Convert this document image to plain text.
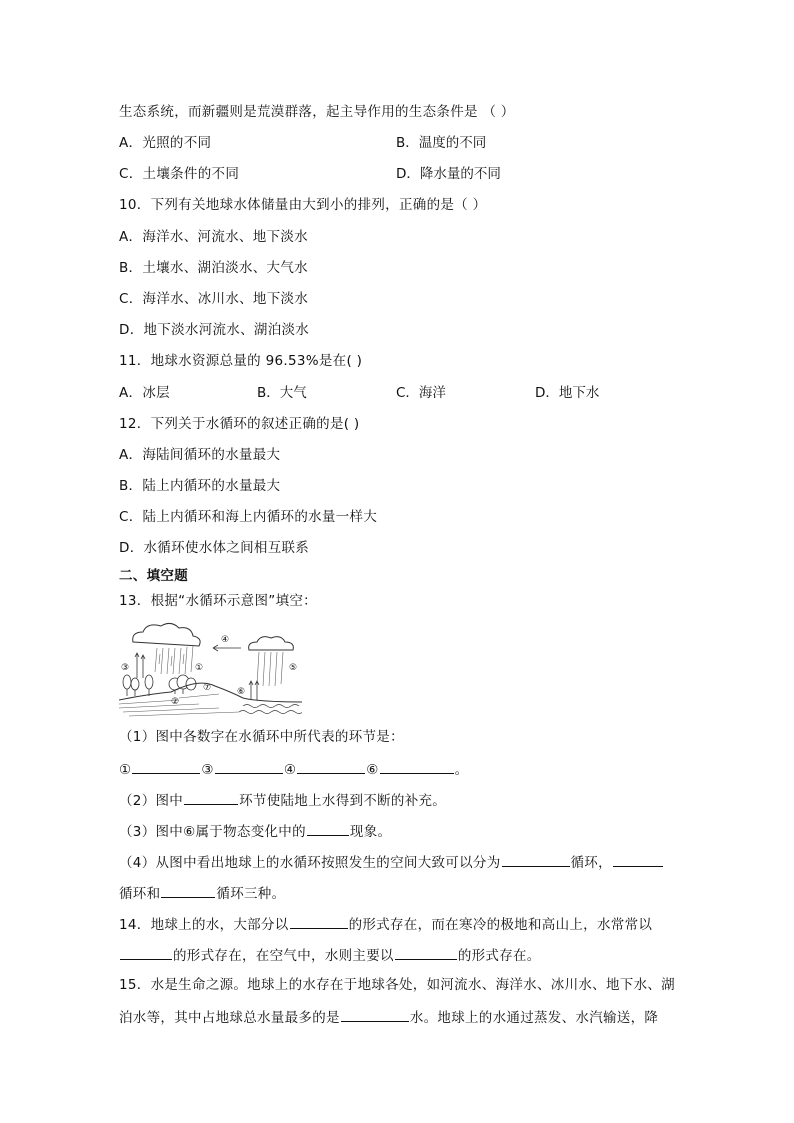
生态系统，而新疆则是荒漠群落，起主导作用的生态条件是 （ ）
A．光照的不同	B．温度的不同
C．土壤条件的不同	D．降水量的不同
10．下列有关地球水体储量由大到小的排列，正确的是（ ）
A．海洋水、河流水、地下淡水
B．土壤水、湖泊淡水、大气水
C．海洋水、冰川水、地下淡水
D．地下淡水河流水、湖泊淡水
11．地球水资源总量的 96.53%是在( )
A．冰层	B．大气	C．海洋	D．地下水
12．下列关于水循环的叙述正确的是( )
A．海陆间循环的水量最大
B．陆上内循环的水量最大
C．陆上内循环和海上内循环的水量一样大
D．水循环使水体之间相互联系
二、填空题
13．根据“水循环示意图”填空：
③	①
④
⑤
②
⑦	⑥
（1）图中各数字在水循环中所代表的环节是：
①	③	④	⑥	。
（2）图中	环节使陆地上水得到不断的补充。
（3）图中⑥属于物态变化中的	现象。
（4）从图中看出地球上的水循环按照发生的空间大致可以分为	循环，
循环和	循环三种。
14．地球上的水，大部分以	的形式存在，而在寒冷的极地和高山上，水常常以
的形式存在，在空气中，水则主要以	的形式存在。
15．水是生命之源。地球上的水存在于地球各处，如河流水、海洋水、冰川水、地下水、湖
泊水等，其中占地球总水量最多的是	水。地球上的水通过蒸发、水汽输送，降
